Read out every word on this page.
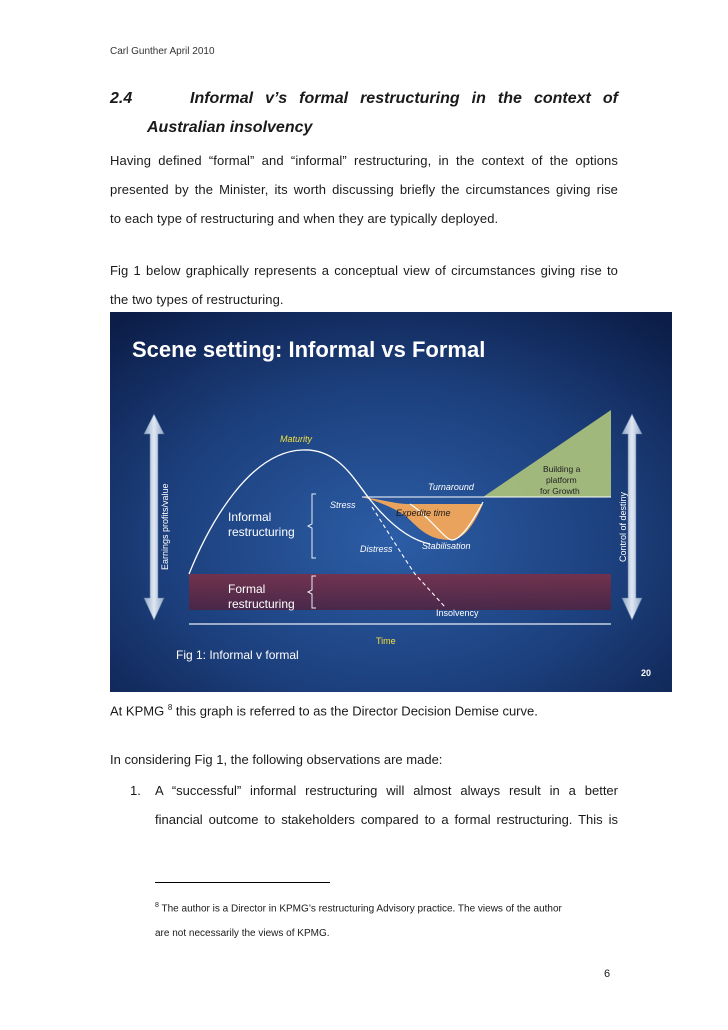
Carl Gunther April 2010
2.4	Informal v’s formal restructuring in the context of
Australian insolvency
Having defined “formal” and “informal” restructuring, in the context of the options
presented by the Minister, its worth discussing briefly the circumstances giving rise
to each type of restructuring and when they are typically deployed.
Fig 1 below graphically represents a conceptual view of circumstances giving rise to
the two types of restructuring.
Scene setting: Informal vs Formal
Earnings profits/value	Control of destiny
Maturity
Turnaround
Building a
platform
for Growth
Stress
Expedite time
Distress	Stabilisation
Informal
restructuring
Formal
restructuring
Insolvency
Time
Fig 1: Informal v formal
20
At KPMG $^8$ this graph is referred to as the Director Decision Demise curve.
In considering Fig 1, the following observations are made:
1. A “successful” informal restructuring will almost always result in a better
financial outcome to stakeholders compared to a formal restructuring. This is
$^8$ The author is a Director in KPMG’s restructuring Advisory practice. The views of the author
are not necessarily the views of KPMG.
6
